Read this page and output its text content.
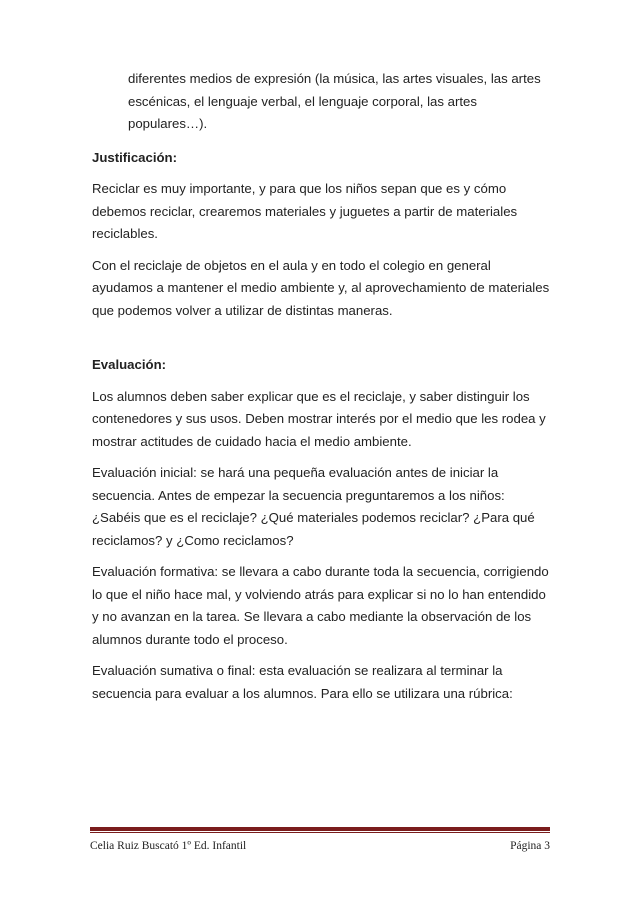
diferentes medios de expresión (la música, las artes visuales, las artes escénicas, el lenguaje verbal, el lenguaje corporal, las artes populares…).

Justificación:

Reciclar es muy importante, y para que los niños sepan que es y cómo debemos reciclar, crearemos materiales y juguetes a partir de materiales reciclables.

Con el reciclaje de objetos en el aula y en todo el colegio en general ayudamos a mantener el medio ambiente y, al aprovechamiento de materiales que podemos volver a utilizar de distintas maneras.

Evaluación:

Los alumnos deben saber explicar que es el reciclaje, y saber distinguir los contenedores y sus usos. Deben mostrar interés por el medio que les rodea y mostrar actitudes de cuidado hacia el medio ambiente.

Evaluación inicial: se hará una pequeña evaluación antes de iniciar la secuencia. Antes de empezar la secuencia preguntaremos a los niños: ¿Sabéis que es el reciclaje? ¿Qué materiales podemos reciclar? ¿Para qué reciclamos? y ¿Como reciclamos?

Evaluación formativa: se llevara a cabo durante toda la secuencia, corrigiendo lo que el niño hace mal, y volviendo atrás para explicar si no lo han entendido y no avanzan en la tarea. Se llevara a cabo mediante la observación de los alumnos durante todo el proceso.

Evaluación sumativa o final: esta evaluación se realizara al terminar la secuencia para evaluar a los alumnos. Para ello se utilizara una rúbrica:

Celia Ruiz Buscató 1º Ed. Infantil	Página 3
